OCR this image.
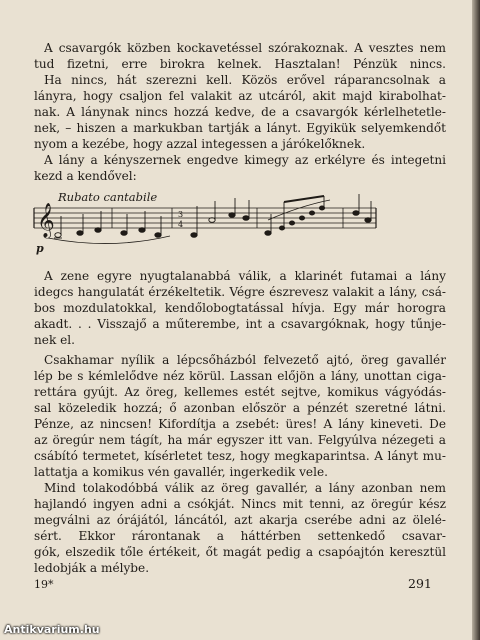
A csavargók közben kockavetéssel szórakoznak. A vesztes nem
tud fizetni, erre birokra kelnek. Hasztalan! Pénzük nincs.
Ha nincs, hát szerezni kell. Közös erővel ráparancsolnak a
lányra, hogy csaljon fel valakit az utcáról, akit majd kirabolhat-
nak. A lánynak nincs hozzá kedve, de a csavargók kérlelhetetle-
nek, – hiszen a markukban tartják a lányt. Egyikük selyemkendőt
nyom a kezébe, hogy azzal integessen a járókelőknek.
A lány a kényszernek engedve kimegy az erkélyre és integetni
kezd a kendővel:
Rubato cantabile
𝄞	3
4
p
A zene egyre nyugtalanabbá válik, a klarinét futamai a lány
idegcs hangulatát érzékeltetik. Végre észrevesz valakit a lány, csá-
bos mozdulatokkal, kendőlobogtatással hívja. Egy már horogra
akadt. . . Visszajő a műterembe, int a csavargóknak, hogy tűnje-
nek el.
Csakhamar nyílik a lépcsőházból felvezető ajtó, öreg gavallér
lép be s kémlelődve néz körül. Lassan előjön a lány, unottan ciga-
rettára gyújt. Az öreg, kellemes estét sejtve, komikus vágyódás-
sal közeledik hozzá; ő azonban először a pénzét szeretné látni.
Pénze, az nincsen! Kifordítja a zsebét: üres! A lány kineveti. De
az öregúr nem tágít, ha már egyszer itt van. Felgyúlva nézegeti a
csábító termetet, kísérletet tesz, hogy megkaparintsa. A lányt mu-
lattatja a komikus vén gavallér, ingerkedik vele.
Mind tolakodóbbá válik az öreg gavallér, a lány azonban nem
hajlandó ingyen adni a csókját. Nincs mit tenni, az öregúr kész
megválni az órájától, láncától, azt akarja cserébe adni az ölelé-
sért. Ekkor rárontanak a háttérben settenkedő csavar-
gók, elszedik tőle értékeit, őt magát pedig a csapóajtón keresztül
ledobják a mélybe.
19*	291
Antikvarium.hu
